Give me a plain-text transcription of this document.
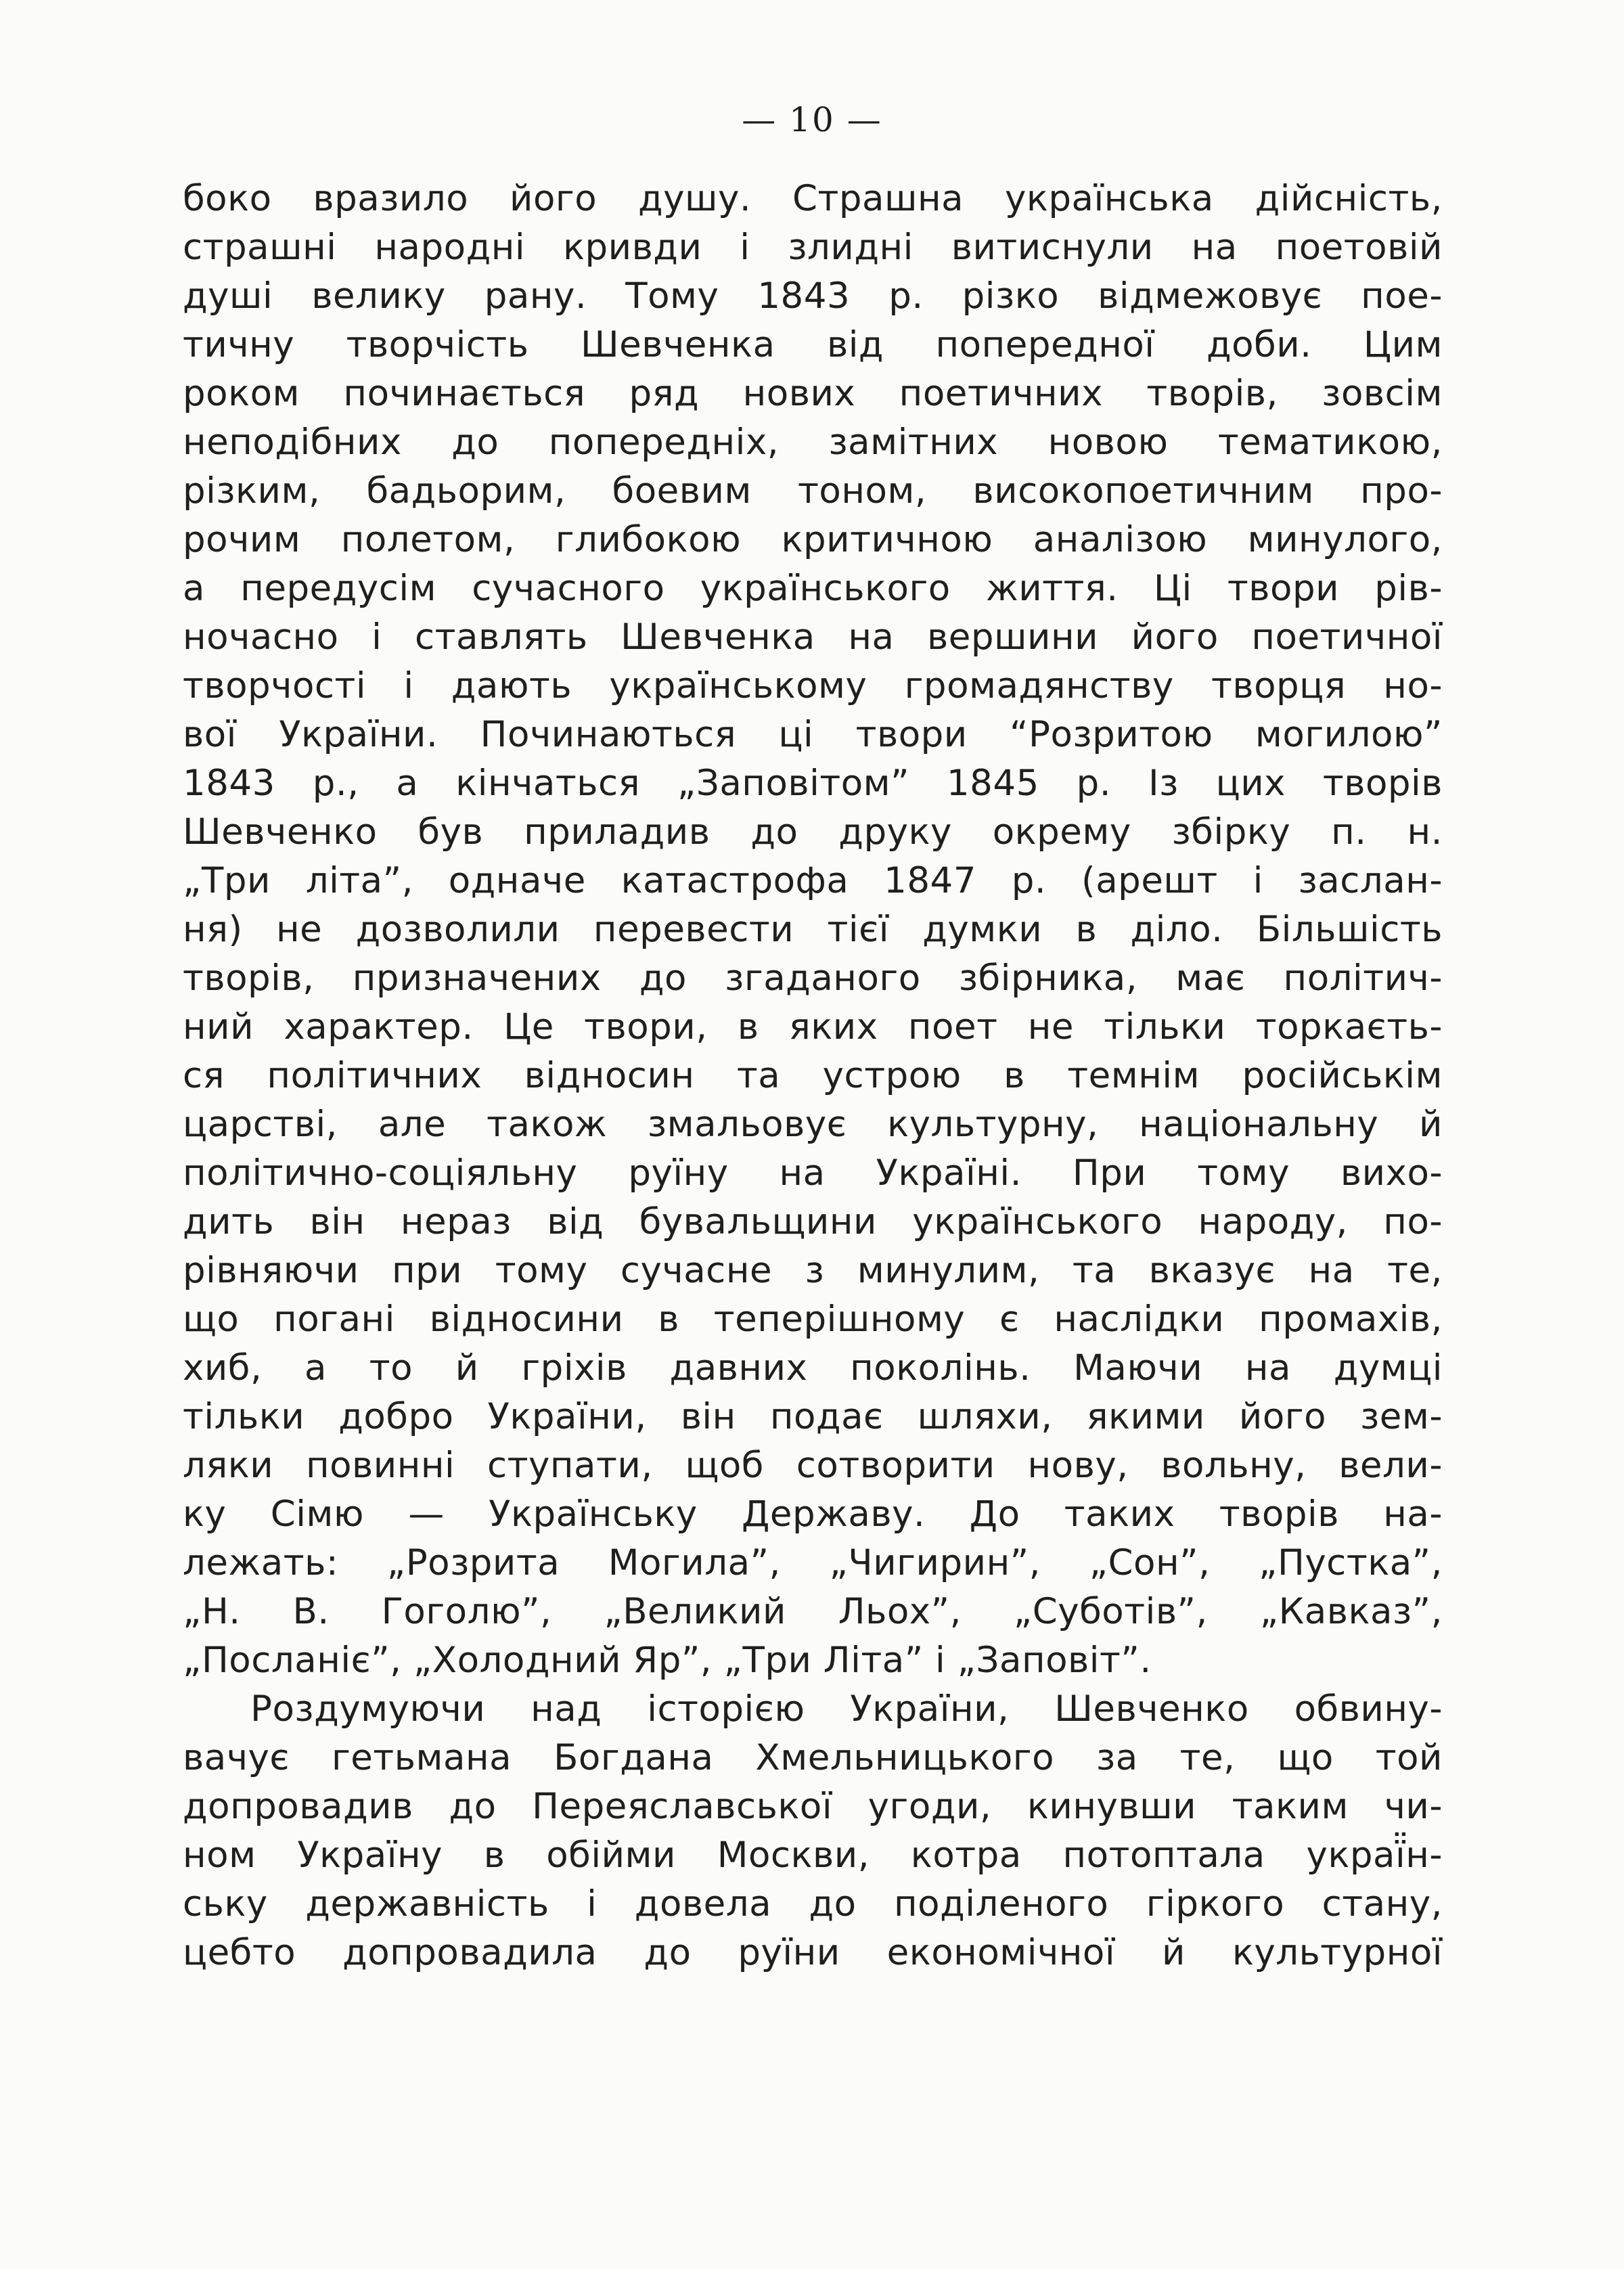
— 10 —
боко вразило його душу. Страшна українська дійсність,
страшні народні кривди і злидні витиснули на поетовій
душі велику рану. Тому 1843 р. різко відмежовує пое-
тичну творчість Шевченка від попередної доби. Цим
роком починається ряд нових поетичних творів, зовсім
неподібних до попередніх, замітних новою тематикою,
різким, бадьорим, боевим тоном, високопоетичним про-
рочим полетом, глибокою критичною аналізою минулого,
а передусім сучасного українського життя. Ці твори рів-
ночасно і ставлять Шевченка на вершини його поетичної
творчості і дають українському громадянству творця но-
вої України. Починаються ці твори “Розритою могилою”
1843 р., а кінчаться „Заповітом” 1845 р. Із цих творів
Шевченко був приладив до друку окрему збірку п. н.
„Три літа”, одначе катастрофа 1847 р. (арешт і заслан-
ня) не дозволили перевести тієї думки в діло. Більшість
творів, призначених до згаданого збірника, має політич-
ний характер. Це твори, в яких поет не тільки торкаєть-
ся політичних відносин та устрою в темнім російськім
царстві, але також змальовує культурну, національну й
політично-соціяльну руїну на Україні. При тому вихо-
дить він нераз від бувальщини українського народу, по-
рівняючи при тому сучасне з минулим, та вказує на те,
що погані відносини в теперішному є наслідки промахів,
хиб, а то й гріхів давних поколінь. Маючи на думці
тільки добро України, він подає шляхи, якими його зем-
ляки повинні ступати, щоб сотворити нову, вольну, вели-
ку Сімю — Українську Державу. До таких творів на-
лежать: „Розрита Могила”, „Чигирин”, „Сон”, „Пустка”,
„Н. В. Гоголю”, „Великий Льох”, „Суботів”, „Кавказ”,
„Посланіє”, „Холодний Яр”, „Три Літа” і „Заповіт”.
Роздумуючи над історією України, Шевченко обвину-
вачує гетьмана Богдана Хмельницького за те, що той
допровадив до Переяславської угоди, кинувши таким чи-
ном Україну в обійми Москви, котра потоптала украї̈н-
ську державність і довела до поділеного гіркого стану,
цебто допровадила до руїни економічної й культурної
